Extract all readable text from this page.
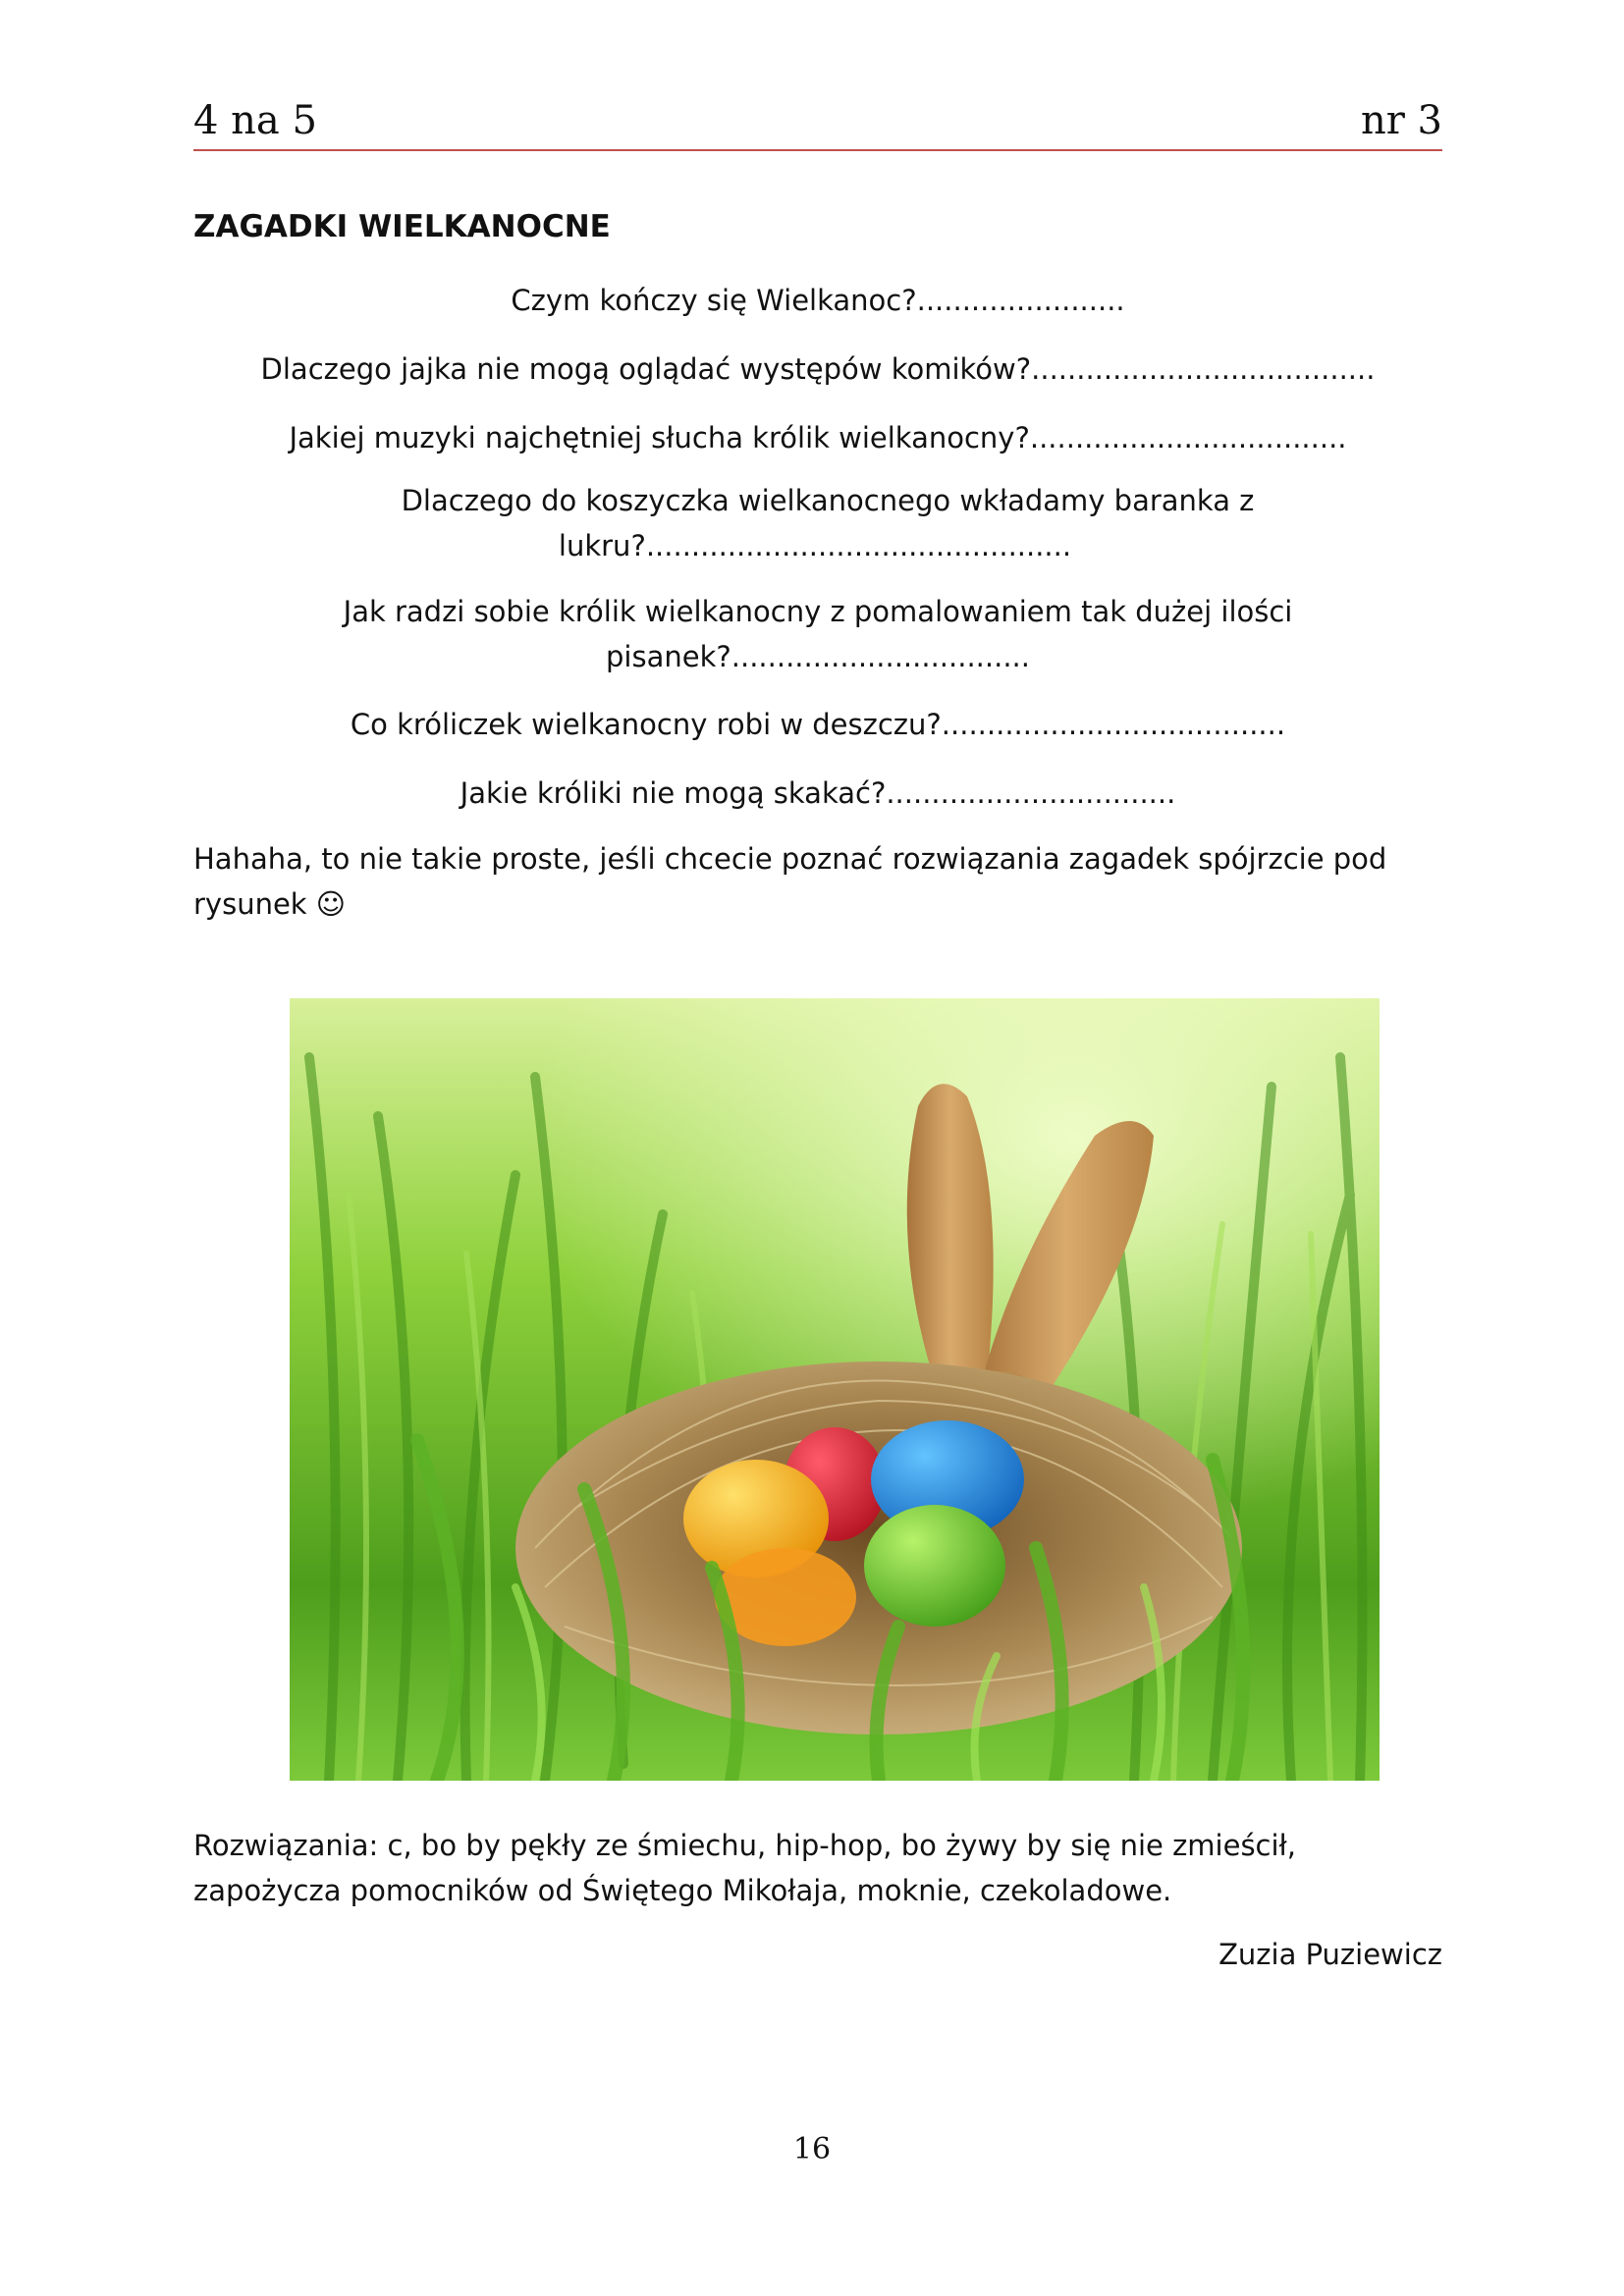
4 na 5	nr 3
ZAGADKI WIELKANOCNE
Czym kończy się Wielkanoc?.......................
Dlaczego jajka nie mogą oglądać występów komików?......................................
Jakiej muzyki najchętniej słucha królik wielkanocny?...................................
Dlaczego do koszyczka wielkanocnego wkładamy baranka z
lukru?...............................................
Jak radzi sobie królik wielkanocny z pomalowaniem tak dużej ilości
pisanek?.................................
Co króliczek wielkanocny robi w deszczu?......................................
Jakie króliki nie mogą skakać?................................
Hahaha, to nie takie proste, jeśli chcecie poznać rozwiązania zagadek spójrzcie pod rysunek ☺
Rozwiązania: c, bo by pękły ze śmiechu, hip-hop, bo żywy by się nie zmieścił, zapożycza pomocników od Świętego Mikołaja, moknie, czekoladowe.
Zuzia Puziewicz
16
